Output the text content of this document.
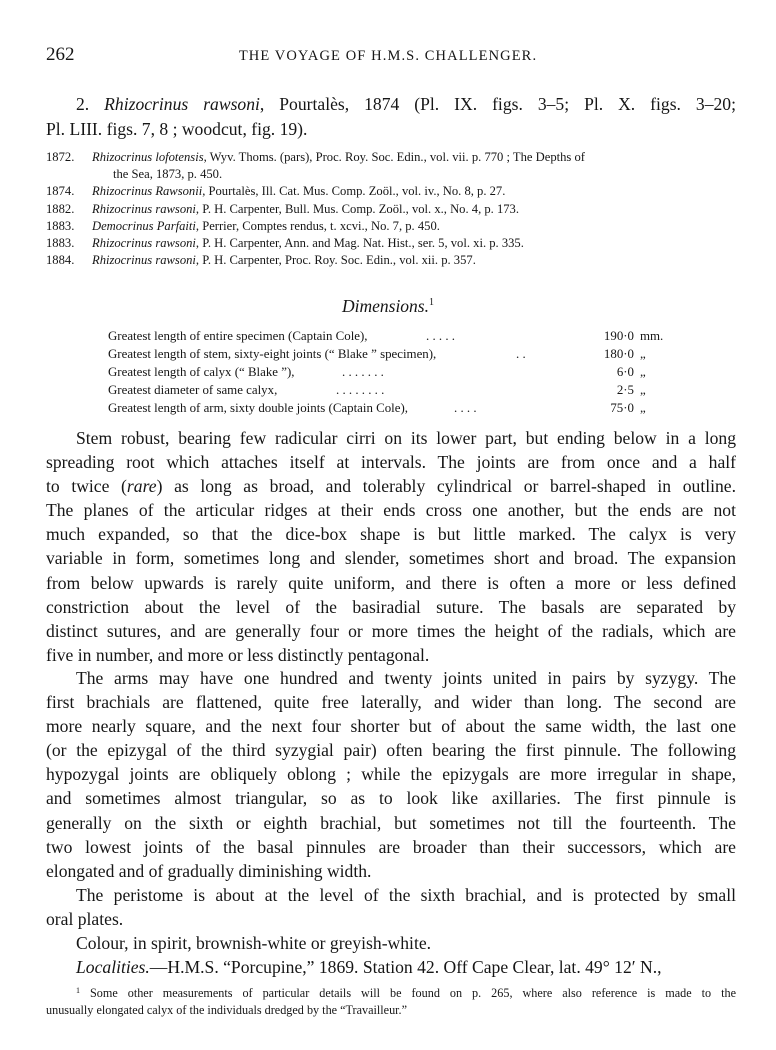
262	THE VOYAGE OF H.M.S. CHALLENGER.
2. Rhizocrinus rawsoni, Pourtalès, 1874 (Pl. IX. figs. 3–5; Pl. X. figs. 3–20;
Pl. LIII. figs. 7, 8 ; woodcut, fig. 19).
1872. Rhizocrinus lofotensis, Wyv. Thoms. (pars), Proc. Roy. Soc. Edin., vol. vii. p. 770 ; The Depths of
the Sea, 1873, p. 450.
1874. Rhizocrinus Rawsonii, Pourtalès, Ill. Cat. Mus. Comp. Zoöl., vol. iv., No. 8, p. 27.
1882. Rhizocrinus rawsoni, P. H. Carpenter, Bull. Mus. Comp. Zoöl., vol. x., No. 4, p. 173.
1883. Democrinus Parfaiti, Perrier, Comptes rendus, t. xcvi., No. 7, p. 450.
1883. Rhizocrinus rawsoni, P. H. Carpenter, Ann. and Mag. Nat. Hist., ser. 5, vol. xi. p. 335.
1884. Rhizocrinus rawsoni, P. H. Carpenter, Proc. Roy. Soc. Edin., vol. xii. p. 357.
Dimensions.$^1$
Greatest length of entire specimen (Captain Cole),	. . . . .	190·0 mm.
Greatest length of stem, sixty-eight joints (“ Blake ” specimen),	. .	180·0 „
Greatest length of calyx (“ Blake ”),	. . . . . . .	6·0 „
Greatest diameter of same calyx,	. . . . . . . .	2·5 „
Greatest length of arm, sixty double joints (Captain Cole),	. . . .	75·0 „
Stem robust, bearing few radicular cirri on its lower part, but ending below in a long
spreading root which attaches itself at intervals. The joints are from once and a half
to twice (rare) as long as broad, and tolerably cylindrical or barrel-shaped in outline.
The planes of the articular ridges at their ends cross one another, but the ends are not
much expanded, so that the dice-box shape is but little marked. The calyx is very
variable in form, sometimes long and slender, sometimes short and broad. The expansion
from below upwards is rarely quite uniform, and there is often a more or less defined
constriction about the level of the basiradial suture. The basals are separated by
distinct sutures, and are generally four or more times the height of the radials, which are
five in number, and more or less distinctly pentagonal.
The arms may have one hundred and twenty joints united in pairs by syzygy. The
first brachials are flattened, quite free laterally, and wider than long. The second are
more nearly square, and the next four shorter but of about the same width, the last one
(or the epizygal of the third syzygial pair) often bearing the first pinnule. The following
hypozygal joints are obliquely oblong ; while the epizygals are more irregular in shape,
and sometimes almost triangular, so as to look like axillaries. The first pinnule is
generally on the sixth or eighth brachial, but sometimes not till the fourteenth. The
two lowest joints of the basal pinnules are broader than their successors, which are
elongated and of gradually diminishing width.
The peristome is about at the level of the sixth brachial, and is protected by small
oral plates.
Colour, in spirit, brownish-white or greyish-white.
Localities.—H.M.S. “Porcupine,” 1869. Station 42. Off Cape Clear, lat. 49° 12′ N.,
$^1$ Some other measurements of particular details will be found on p. 265, where also reference is made to the
unusually elongated calyx of the individuals dredged by the “Travailleur.”
